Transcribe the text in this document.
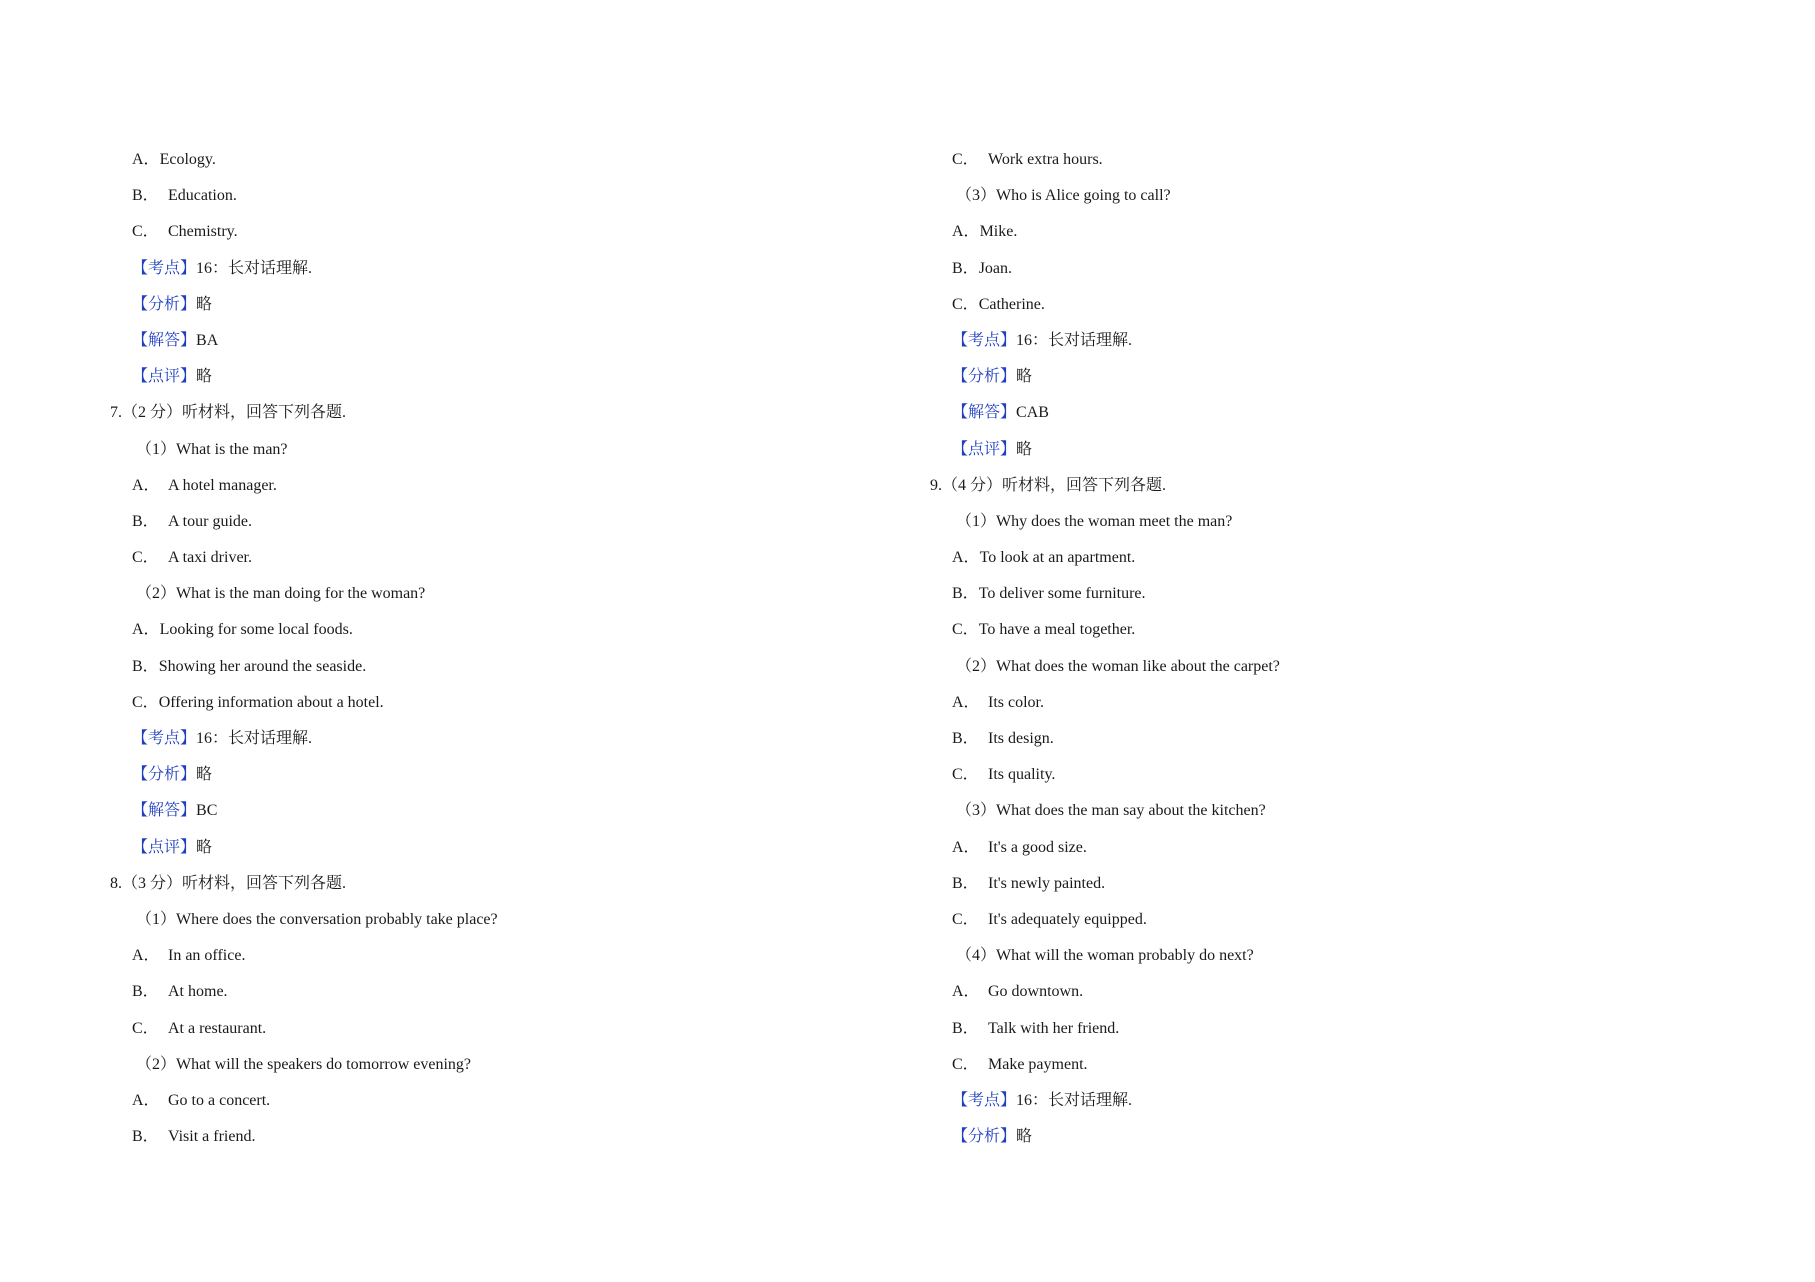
A．Ecology.
B． Education.
C． Chemistry.
【考点】16：长对话理解.
【分析】略
【解答】BA
【点评】略
7.（2 分）听材料，回答下列各题.
（1）What is the man?
A． A hotel manager.
B． A tour guide.
C． A taxi driver.
（2）What is the man doing for the woman?
A．Looking for some local foods.
B．Showing her around the seaside.
C．Offering information about a hotel.
【考点】16：长对话理解.
【分析】略
【解答】BC
【点评】略
8.（3 分）听材料，回答下列各题.
（1）Where does the conversation probably take place?
A． In an office.
B． At home.
C． At a restaurant.
（2）What will the speakers do tomorrow evening?
A． Go to a concert.
B． Visit a friend.
C． Work extra hours.
（3）Who is Alice going to call?
A．Mike.
B．Joan.
C．Catherine.
【考点】16：长对话理解.
【分析】略
【解答】CAB
【点评】略
9.（4 分）听材料，回答下列各题.
（1）Why does the woman meet the man?
A．To look at an apartment.
B．To deliver some furniture.
C．To have a meal together.
（2）What does the woman like about the carpet?
A． Its color.
B． Its design.
C． Its quality.
（3）What does the man say about the kitchen?
A． It's a good size.
B． It's newly painted.
C． It's adequately equipped.
（4）What will the woman probably do next?
A． Go downtown.
B． Talk with her friend.
C． Make payment.
【考点】16：长对话理解.
【分析】略
